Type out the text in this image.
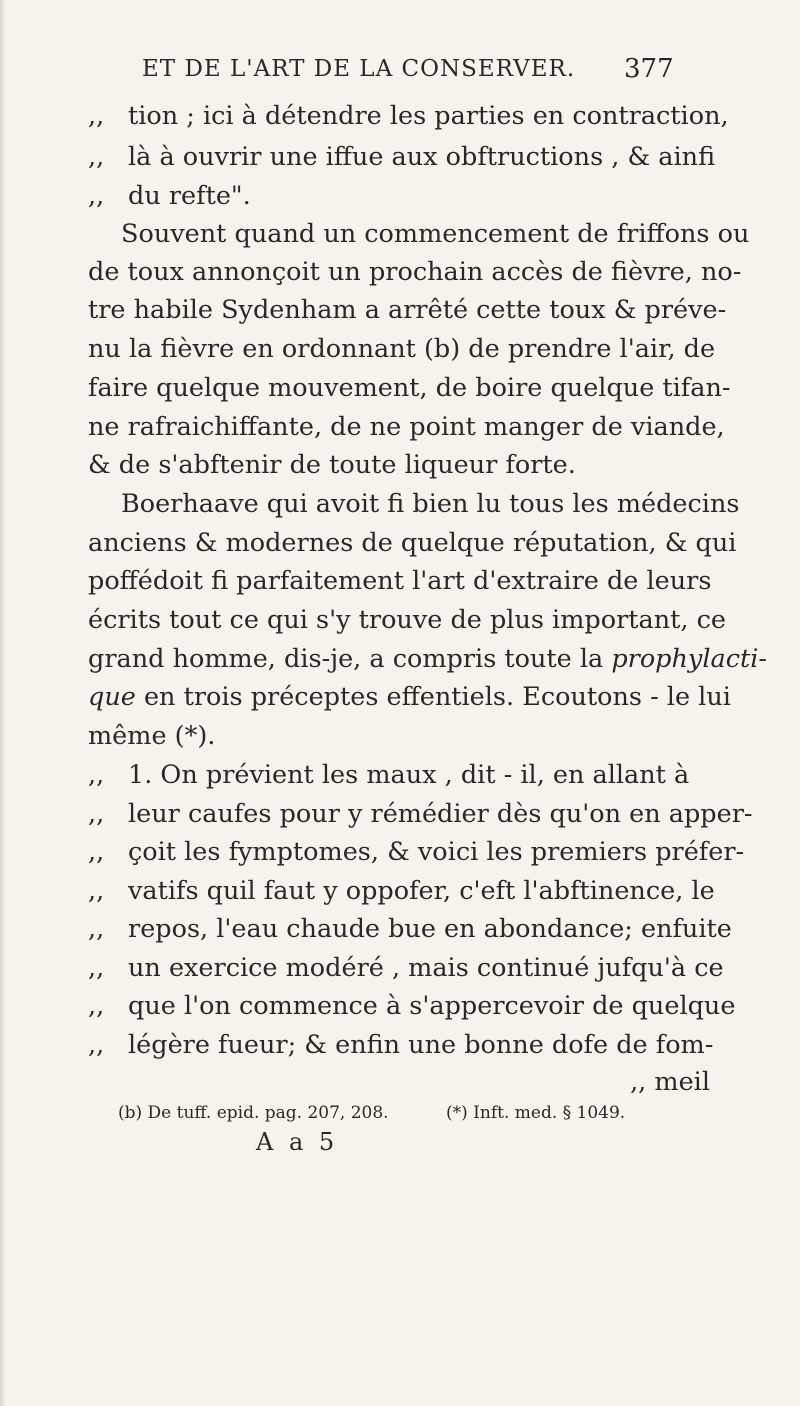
ET DE L'ART DE LA CONSERVER.	377
,, tion ; ici à détendre les parties en contraction,
,, là à ouvrir une iffue aux obftructions , & ainfi
,, du refte".
Souvent quand un commencement de friffons ou
de toux annonçoit un prochain accès de fièvre, no-
tre habile Sydenham a arrêté cette toux & préve-
nu la fièvre en ordonnant (b) de prendre l'air, de
faire quelque mouvement, de boire quelque tifan-
ne rafraichiffante, de ne point manger de viande,
& de s'abftenir de toute liqueur forte.
Boerhaave qui avoit fi bien lu tous les médecins
anciens & modernes de quelque réputation, & qui
poffédoit fi parfaitement l'art d'extraire de leurs
écrits tout ce qui s'y trouve de plus important, ce
grand homme, dis-je, a compris toute la prophylacti-
que en trois préceptes effentiels. Ecoutons - le lui
même (*).
,, 1. On prévient les maux , dit - il, en allant à
,, leur caufes pour y rémédier dès qu'on en apper-
,, çoit les fymptomes, & voici les premiers préfer-
,, vatifs quil faut y oppofer, c'eft l'abftinence, le
,, repos, l'eau chaude bue en abondance; enfuite
,, un exercice modéré , mais continué jufqu'à ce
,, que l'on commence à s'appercevoir de quelque
,, légère fueur; & enfin une bonne dofe de fom-
,, meil
(b) De tuff. epid. pag. 207, 208.	(*) Inft. med. § 1049.
A a 5
